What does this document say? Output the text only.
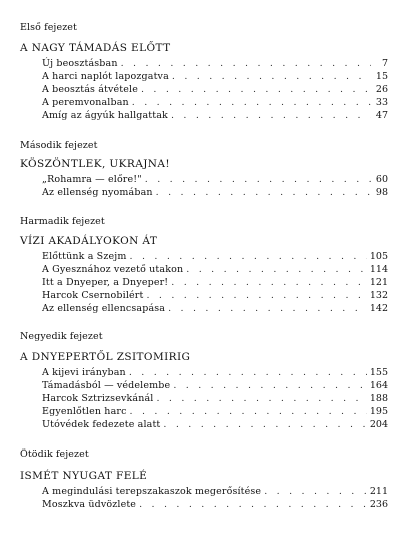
Első fejezet
A NAGY TÁMADÁS ELŐTT
Új beosztásban . . .	7
A harci naplót lapozgatva . . .	15
A beosztás átvétele . . .	26
A peremvonalban . . .	33
Amíg az ágyúk hallgattak . . .	47
Második fejezet
KÖSZÖNTLEK, UKRAJNA!
„Rohamra — előre!" . . .	60
Az ellenség nyomában . . .	98
Harmadik fejezet
VÍZI AKADÁLYOKON ÁT
Előttünk a Szejm . . .	105
A Gyesznához vezető utakon . . .	114
Itt a Dnyeper, a Dnyeper! . . .	121
Harcok Csernobilért . . .	132
Az ellenség ellencsapása . . .	142
Negyedik fejezet
A DNYEPERTŐL ZSITOMIRIG
A kijevi irányban . . .	155
Támadásból — védelembe . . .	164
Harcok Sztrizsevkánál . . .	188
Egyenlőtlen harc . . .	195
Utóvédek fedezete alatt . . .	204
Ötödik fejezet
ISMÉT NYUGAT FELÉ
A megindulási terepszakaszok megerősítése . . .	211
Moszkva üdvözlete . . .	236
